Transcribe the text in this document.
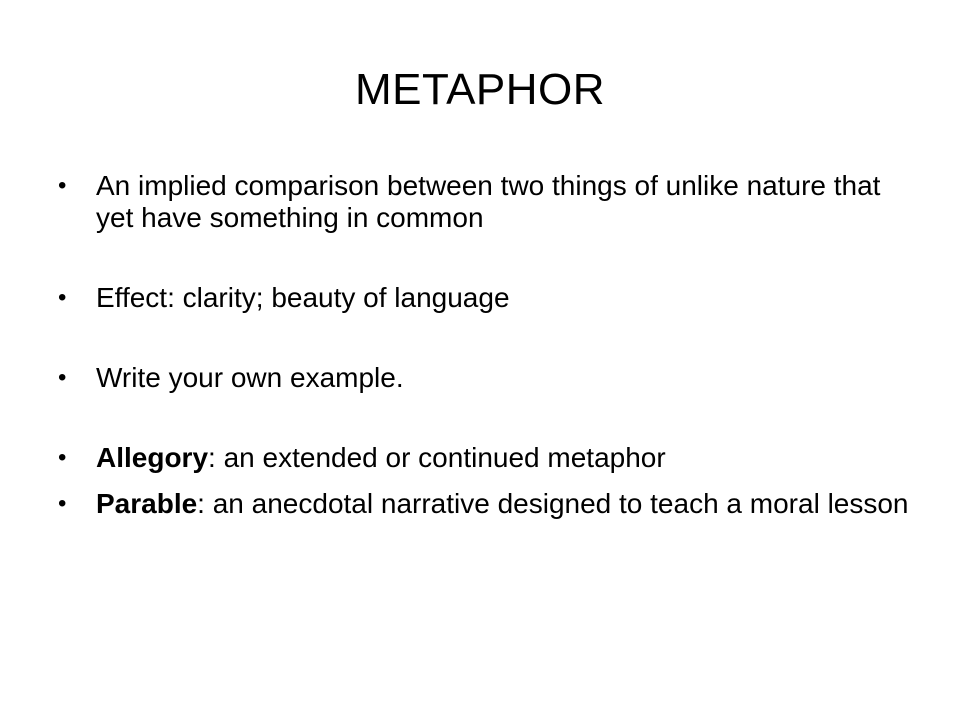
METAPHOR
• An implied comparison between two things of unlike nature that yet have something in common
• Effect: clarity; beauty of language
• Write your own example.
• Allegory: an extended or continued metaphor
• Parable: an anecdotal narrative designed to teach a moral lesson
